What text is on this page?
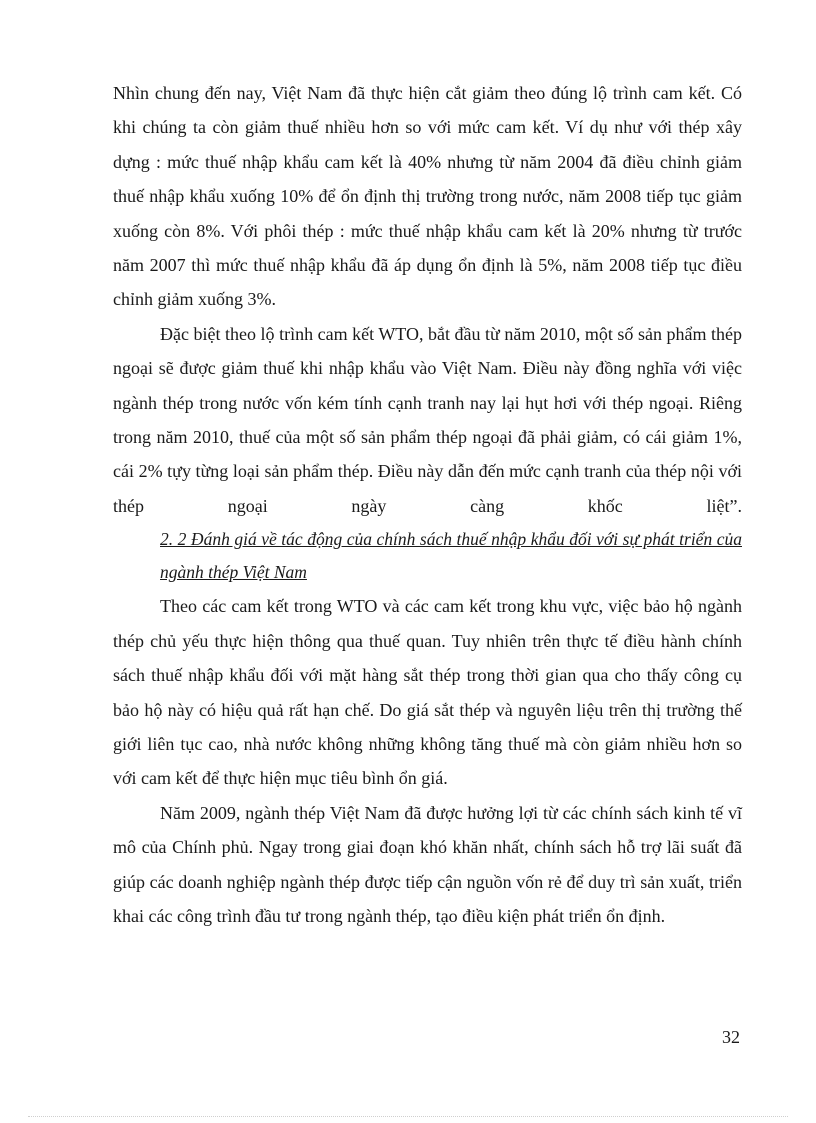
Nhìn chung đến nay, Việt Nam đã thực hiện cắt giảm theo đúng lộ trình cam kết. Có khi chúng ta còn giảm thuế nhiều hơn so với mức cam kết. Ví dụ như với thép xây dựng : mức thuế nhập khẩu cam kết là 40% nhưng từ năm 2004 đã điều chỉnh giảm thuế nhập khẩu xuống 10% để ổn định thị trường trong nước, năm 2008 tiếp tục giảm xuống còn 8%. Với phôi thép : mức thuế nhập khẩu cam kết là 20% nhưng từ trước năm 2007 thì mức thuế nhập khẩu đã áp dụng ổn định là 5%, năm 2008 tiếp tục điều chỉnh giảm xuống 3%.

Đặc biệt theo lộ trình cam kết WTO, bắt đầu từ năm 2010, một số sản phẩm thép ngoại sẽ được giảm thuế khi nhập khẩu vào Việt Nam. Điều này đồng nghĩa với việc ngành thép trong nước vốn kém tính cạnh tranh nay lại hụt hơi với thép ngoại. Riêng trong năm 2010, thuế của một số sản phẩm thép ngoại đã phải giảm, có cái giảm 1%, cái 2% tựy từng loại sản phẩm thép. Điều này dẫn đến mức cạnh tranh của thép nội với thép ngoại ngày càng khốc liệt”.

2. 2 Đánh giá về tác động của chính sách thuế nhập khẩu đối với sự phát triển của ngành thép Việt Nam

Theo các cam kết trong WTO và các cam kết trong khu vực, việc bảo hộ ngành thép chủ yếu thực hiện thông qua thuế quan. Tuy nhiên trên thực tế điều hành chính sách thuế nhập khẩu đối với mặt hàng sắt thép trong thời gian qua cho thấy công cụ bảo hộ này có hiệu quả rất hạn chế. Do giá sắt thép và nguyên liệu trên thị trường thế giới liên tục cao, nhà nước không những không tăng thuế mà còn giảm nhiều hơn so với cam kết để thực hiện mục tiêu bình ổn giá.

Năm 2009, ngành thép Việt Nam đã được hưởng lợi từ các chính sách kinh tế vĩ mô của Chính phủ. Ngay trong giai đoạn khó khăn nhất, chính sách hỗ trợ lãi suất đã giúp các doanh nghiệp ngành thép được tiếp cận nguồn vốn rẻ để duy trì sản xuất, triển khai các công trình đầu tư trong ngành thép, tạo điều kiện phát triển ổn định.

32
